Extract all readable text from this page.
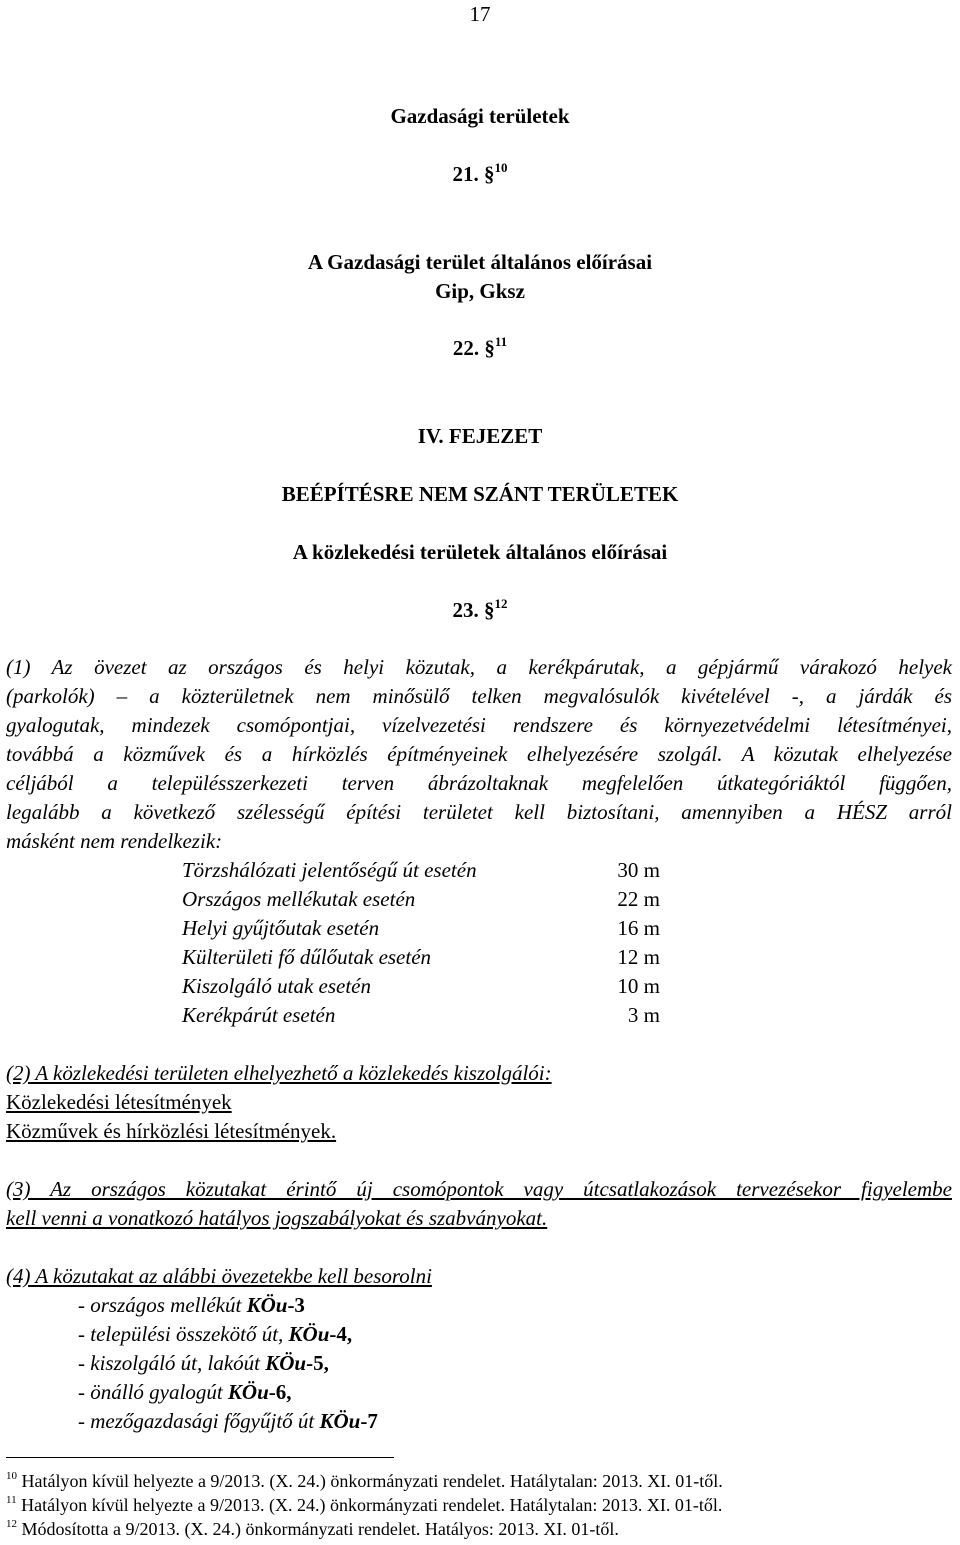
17
Gazdasági területek
21. §$^{10}$
A Gazdasági terület általános előírásai
Gip, Gksz
22. §$^{11}$
IV. FEJEZET
BEÉPÍTÉSRE NEM SZÁNT TERÜLETEK
A közlekedési területek általános előírásai
23. §$^{12}$
(1) Az övezet az országos és helyi közutak, a kerékpárutak, a gépjármű várakozó helyek
(parkolók) – a közterületnek nem minősülő telken megvalósulók kivételével -, a járdák és
gyalogutak, mindezek csomópontjai, vízelvezetési rendszere és környezetvédelmi létesítményei,
továbbá a közművek és a hírközlés építményeinek elhelyezésére szolgál. A közutak elhelyezése
céljából a településszerkezeti terven ábrázoltaknak megfelelően útkategóriáktól függően,
legalább a következő szélességű építési területet kell biztosítani, amennyiben a HÉSZ arról
másként nem rendelkezik:
Törzshálózati jelentőségű út esetén	30 m
Országos mellékutak esetén	22 m
Helyi gyűjtőutak esetén	16 m
Külterületi fő dűlőutak esetén	12 m
Kiszolgáló utak esetén	10 m
Kerékpárút esetén	3 m
(2) A közlekedési területen elhelyezhető a közlekedés kiszolgálói:
Közlekedési létesítmények
Közművek és hírközlési létesítmények.
(3) Az országos közutakat érintő új csomópontok vagy útcsatlakozások tervezésekor figyelembe
kell venni a vonatkozó hatályos jogszabályokat és szabványokat.
(4) A közutakat az alábbi övezetekbe kell besorolni
- országos mellékút KÖu-3
- települési összekötő út, KÖu-4,
- kiszolgáló út, lakóút KÖu-5,
- önálló gyalogút KÖu-6,
- mezőgazdasági főgyűjtő út KÖu-7
$^{10}$ Hatályon kívül helyezte a 9/2013. (X. 24.) önkormányzati rendelet. Hatálytalan: 2013. XI. 01-től.
$^{11}$ Hatályon kívül helyezte a 9/2013. (X. 24.) önkormányzati rendelet. Hatálytalan: 2013. XI. 01-től.
$^{12}$ Módosította a 9/2013. (X. 24.) önkormányzati rendelet. Hatályos: 2013. XI. 01-től.
